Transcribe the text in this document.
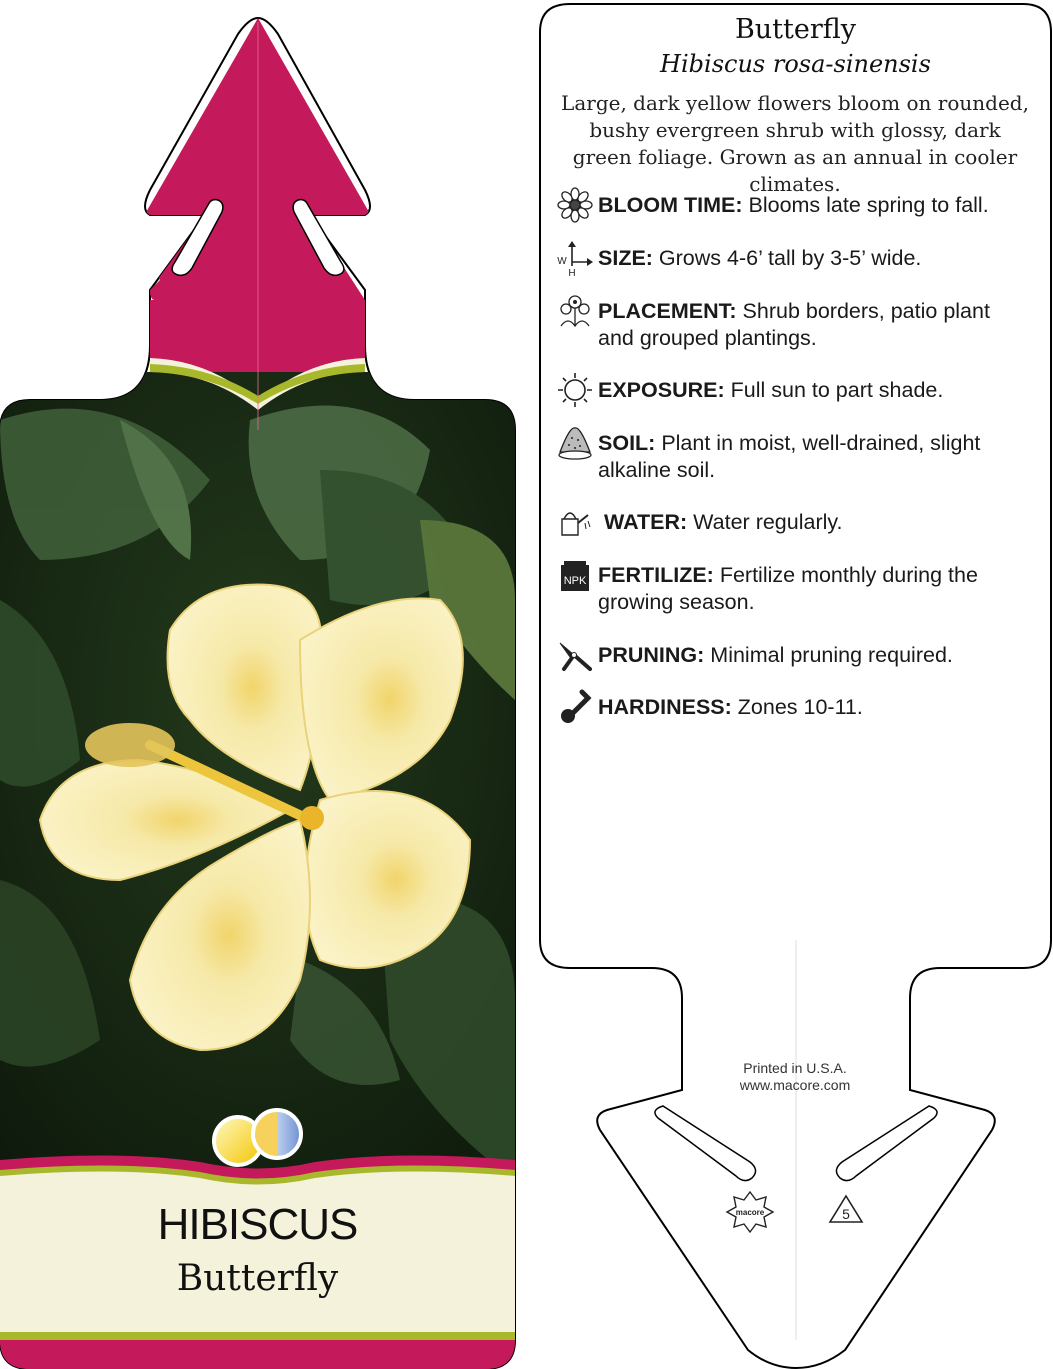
macore	5
HIBISCUS
Butterfly
Butterfly
Hibiscus rosa-sinensis
Large, dark yellow flowers bloom on rounded, bushy evergreen shrub with glossy, dark green foliage. Grown as an annual in cooler climates.
BLOOM TIME: Blooms late spring to fall.
SIZE: Grows 4-6’ tall by 3-5’ wide.
PLACEMENT: Shrub borders, patio plant and grouped plantings.
EXPOSURE: Full sun to part shade.
SOIL: Plant in moist, well-drained, slight alkaline soil.
WATER: Water regularly.
FERTILIZE: Fertilize monthly during the growing season.
PRUNING: Minimal pruning required.
HARDINESS: Zones 10-11.
W
H
NPK
Printed in U.S.A.
www.macore.com
